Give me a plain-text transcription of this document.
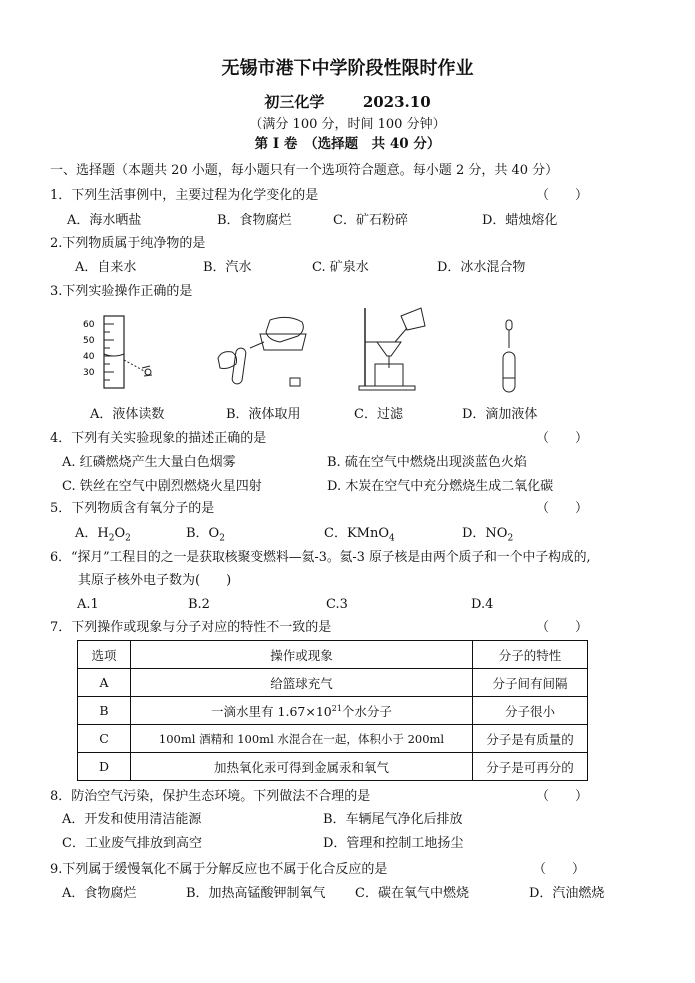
无锡市港下中学阶段性限时作业
初三化学	2023.10
（满分 100 分，时间 100 分钟）
第 I 卷　（选择题　共 40 分）
一、选择题（本题共 20 小题，每小题只有一个选项符合题意。每小题 2 分，共 40 分）
1．下列生活事例中，主要过程为化学变化的是	（　　）
A．海水晒盐	B．食物腐烂	C．矿石粉碎	D．蜡烛熔化
2.下列物质属于纯净物的是
A．自来水	B．汽水	C. 矿泉水	D．冰水混合物
3.下列实验操作正确的是
60
50
40
30
A．液体读数	B．液体取用	C．过滤	D．滴加液体
4．下列有关实验现象的描述正确的是	（　　）
A. 红磷燃烧产生大量白色烟雾	B. 硫在空气中燃烧出现淡蓝色火焰
C. 铁丝在空气中剧烈燃烧火星四射	D. 木炭在空气中充分燃烧生成二氧化碳
5．下列物质含有氧分子的是	（　　）
A．$H_2O_2$	B．$O_2$	C．KMnO$_4$	D．$NO_2$
6．“探月”工程目的之一是获取核聚变燃料—氦-3。氦-3 原子核是由两个质子和一个中子构成的,
其原子核外电子数为(　　)
A.1	B.2	C.3	D.4
7．下列操作或现象与分子对应的特性不一致的是	（　　）
选项	操作或现象	分子的特性
A	给篮球充气	分子间有间隔
B	一滴水里有 $1.67\times 10^{21}$个水分子	分子很小
C	100ml 酒精和 100ml 水混合在一起，体积小于 200ml	分子是有质量的
D	加热氧化汞可得到金属汞和氧气	分子是可再分的
8．防治空气污染，保护生态环境。下列做法不合理的是	（　　）
A．开发和使用清洁能源	B．车辆尾气净化后排放
C．工业废气排放到高空	D．管理和控制工地扬尘
9.下列属于缓慢氧化不属于分解反应也不属于化合反应的是	（　　）
A．食物腐烂	B．加热高锰酸钾制氧气 C．碳在氧气中燃烧	D．汽油燃烧
